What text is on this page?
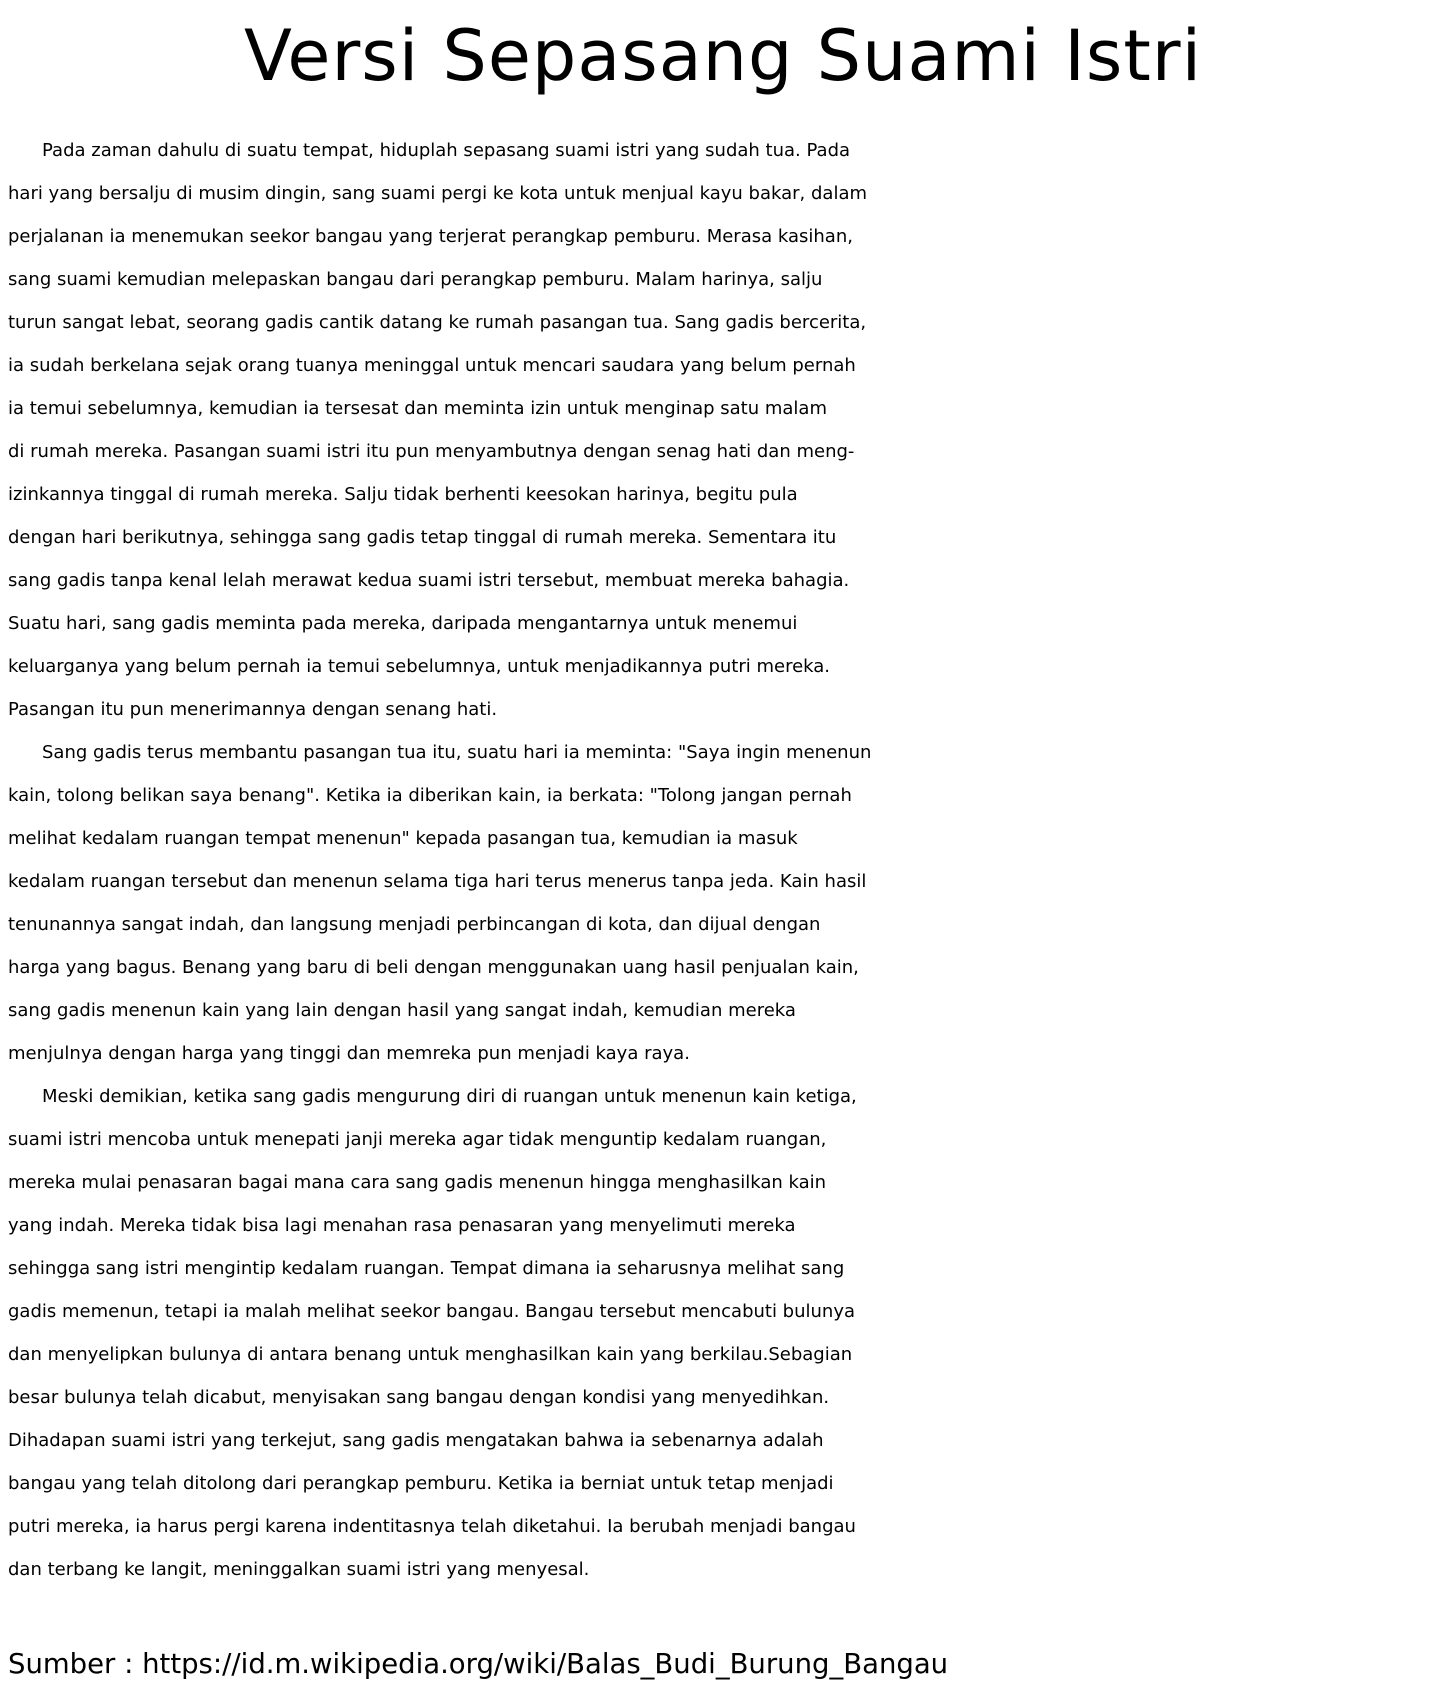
Versi Sepasang Suami Istri
Pada zaman dahulu di suatu tempat, hiduplah sepasang suami istri yang sudah tua. Pada
hari yang bersalju di musim dingin, sang suami pergi ke kota untuk menjual kayu bakar, dalam
perjalanan ia menemukan seekor bangau yang terjerat perangkap pemburu. Merasa kasihan,
sang suami kemudian melepaskan bangau dari perangkap pemburu. Malam harinya, salju
turun sangat lebat, seorang gadis cantik datang ke rumah pasangan tua. Sang gadis bercerita,
ia sudah berkelana sejak orang tuanya meninggal untuk mencari saudara yang belum pernah
ia temui sebelumnya, kemudian ia tersesat dan meminta izin untuk menginap satu malam
di rumah mereka. Pasangan suami istri itu pun menyambutnya dengan senag hati dan meng-
izinkannya tinggal di rumah mereka. Salju tidak berhenti keesokan harinya, begitu pula
dengan hari berikutnya, sehingga sang gadis tetap tinggal di rumah mereka. Sementara itu
sang gadis tanpa kenal lelah merawat kedua suami istri tersebut, membuat mereka bahagia.
Suatu hari, sang gadis meminta pada mereka, daripada mengantarnya untuk menemui
keluarganya yang belum pernah ia temui sebelumnya, untuk menjadikannya putri mereka.
Pasangan itu pun menerimannya dengan senang hati.
Sang gadis terus membantu pasangan tua itu, suatu hari ia meminta: "Saya ingin menenun
kain, tolong belikan saya benang". Ketika ia diberikan kain, ia berkata: "Tolong jangan pernah
melihat kedalam ruangan tempat menenun" kepada pasangan tua, kemudian ia masuk
kedalam ruangan tersebut dan menenun selama tiga hari terus menerus tanpa jeda. Kain hasil
tenunannya sangat indah, dan langsung menjadi perbincangan di kota, dan dijual dengan
harga yang bagus. Benang yang baru di beli dengan menggunakan uang hasil penjualan kain,
sang gadis menenun kain yang lain dengan hasil yang sangat indah, kemudian mereka
menjulnya dengan harga yang tinggi dan memreka pun menjadi kaya raya.
Meski demikian, ketika sang gadis mengurung diri di ruangan untuk menenun kain ketiga,
suami istri mencoba untuk menepati janji mereka agar tidak menguntip kedalam ruangan,
mereka mulai penasaran bagai mana cara sang gadis menenun hingga menghasilkan kain
yang indah. Mereka tidak bisa lagi menahan rasa penasaran yang menyelimuti mereka
sehingga sang istri mengintip kedalam ruangan. Tempat dimana ia seharusnya melihat sang
gadis memenun, tetapi ia malah melihat seekor bangau. Bangau tersebut mencabuti bulunya
dan menyelipkan bulunya di antara benang untuk menghasilkan kain yang berkilau.Sebagian
besar bulunya telah dicabut, menyisakan sang bangau dengan kondisi yang menyedihkan.
Dihadapan suami istri yang terkejut, sang gadis mengatakan bahwa ia sebenarnya adalah
bangau yang telah ditolong dari perangkap pemburu. Ketika ia berniat untuk tetap menjadi
putri mereka, ia harus pergi karena indentitasnya telah diketahui. Ia berubah menjadi bangau
dan terbang ke langit, meninggalkan suami istri yang menyesal.
Sumber : https://id.m.wikipedia.org/wiki/Balas_Budi_Burung_Bangau
